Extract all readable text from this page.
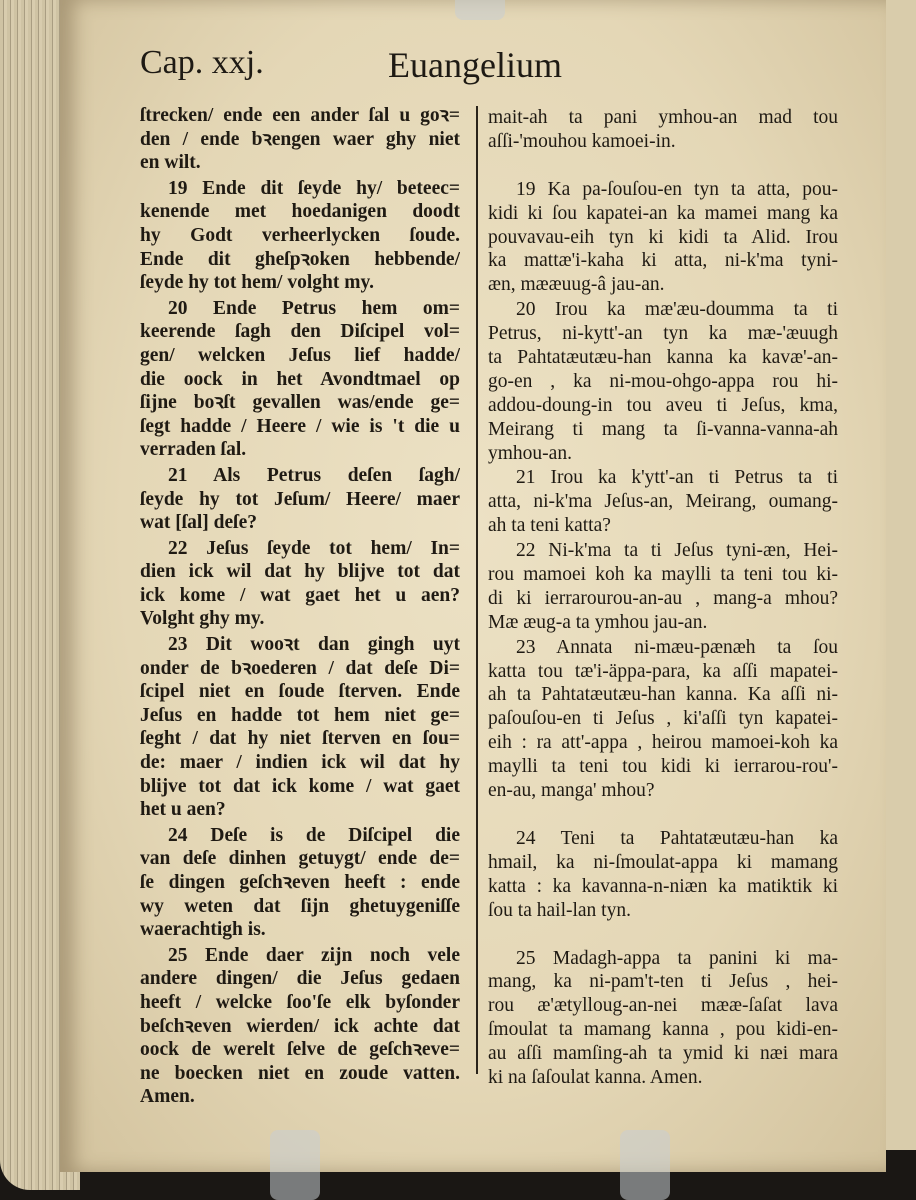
Cap. xxj.	Euangelium
ſtrecken/ ende een ander ſal u goꝛ=
den / ende bꝛengen waer ghy niet
en wilt.
19 Ende dit ſeyde hy/ beteec=
kenende met hoedanigen doodt
hy Godt verheerlycken ſoude.
Ende dit gheſpꝛoken hebbende/
ſeyde hy tot hem/ volght my.
20 Ende Petrus hem om=
keerende ſagh den Diſcipel vol=
gen/ welcken Jeſus lief hadde/
die oock in het Avondtmael op
ſijne boꝛſt gevallen was/ende ge=
ſegt hadde / Heere / wie is 't die u
verraden ſal.
21 Als Petrus deſen ſagh/
ſeyde hy tot Jeſum/ Heere/ maer
wat [ſal] deſe?
22 Jeſus ſeyde tot hem/ In=
dien ick wil dat hy blijve tot dat
ick kome / wat gaet het u aen?
Volght ghy my.
23 Dit wooꝛt dan gingh uyt
onder de bꝛoederen / dat deſe Di=
ſcipel niet en ſoude ſterven. Ende
Jeſus en hadde tot hem niet ge=
ſeght / dat hy niet ſterven en ſou=
de: maer / indien ick wil dat hy
blijve tot dat ick kome / wat gaet
het u aen?
24 Deſe is de Diſcipel die
van deſe dinhen getuygt/ ende de=
ſe dingen geſchꝛeven heeft : ende
wy weten dat ſijn ghetuygeniſſe
waerachtigh is.
25 Ende daer zijn noch vele
andere dingen/ die Jeſus gedaen
heeft / welcke ſoo'ſe elk byſonder
beſchꝛeven wierden/ ick achte dat
oock de werelt ſelve de geſchꝛeve=
ne boecken niet en zoude vatten.
Amen.
mait-ah ta pani ymhou-an mad tou
aſſi-'mouhou kamoei-in.
19 Ka pa-ſouſou-en tyn ta atta, pou-
kidi ki ſou kapatei-an ka mamei mang ka
pouvavau-eih tyn ki kidi ta Alid. Irou
ka mattæ'i-kaha ki atta, ni-k'ma tyni-
æn, mææuug-â jau-an.
20 Irou ka mæ'æu-doumma ta ti
Petrus, ni-kytt'-an tyn ka mæ-'æuugh
ta Pahtatæutæu-han kanna ka kavæ'-an-
go-en , ka ni-mou-ohgo-appa rou hi-
addou-doung-in tou aveu ti Jeſus, kma,
Meirang ti mang ta ſi-vanna-vanna-ah
ymhou-an.
21 Irou ka k'ytt'-an ti Petrus ta ti
atta, ni-k'ma Jeſus-an, Meirang, oumang-
ah ta teni katta?
22 Ni-k'ma ta ti Jeſus tyni-æn, Hei-
rou mamoei koh ka maylli ta teni tou ki-
di ki ierrarourou-an-au , mang-a mhou?
Mæ æug-a ta ymhou jau-an.
23 Annata ni-mæu-pænæh ta ſou
katta tou tæ'i-äppa-para, ka aſſi mapatei-
ah ta Pahtatæutæu-han kanna. Ka aſſi ni-
paſouſou-en ti Jeſus , ki'aſſi tyn kapatei-
eih : ra att'-appa , heirou mamoei-koh ka
maylli ta teni tou kidi ki ierrarou-rou'-
en-au, manga' mhou?
24 Teni ta Pahtatæutæu-han ka
hmail, ka ni-ſmoulat-appa ki mamang
katta : ka kavanna-n-niæn ka matiktik ki
ſou ta hail-lan tyn.
25 Madagh-appa ta panini ki ma-
mang, ka ni-pam't-ten ti Jeſus , hei-
rou æ'ætylloug-an-nei mææ-ſaſat lava
ſmoulat ta mamang kanna , pou kidi-en-
au aſſi mamſing-ah ta ymid ki næi mara
ki na ſaſoulat kanna. Amen.
